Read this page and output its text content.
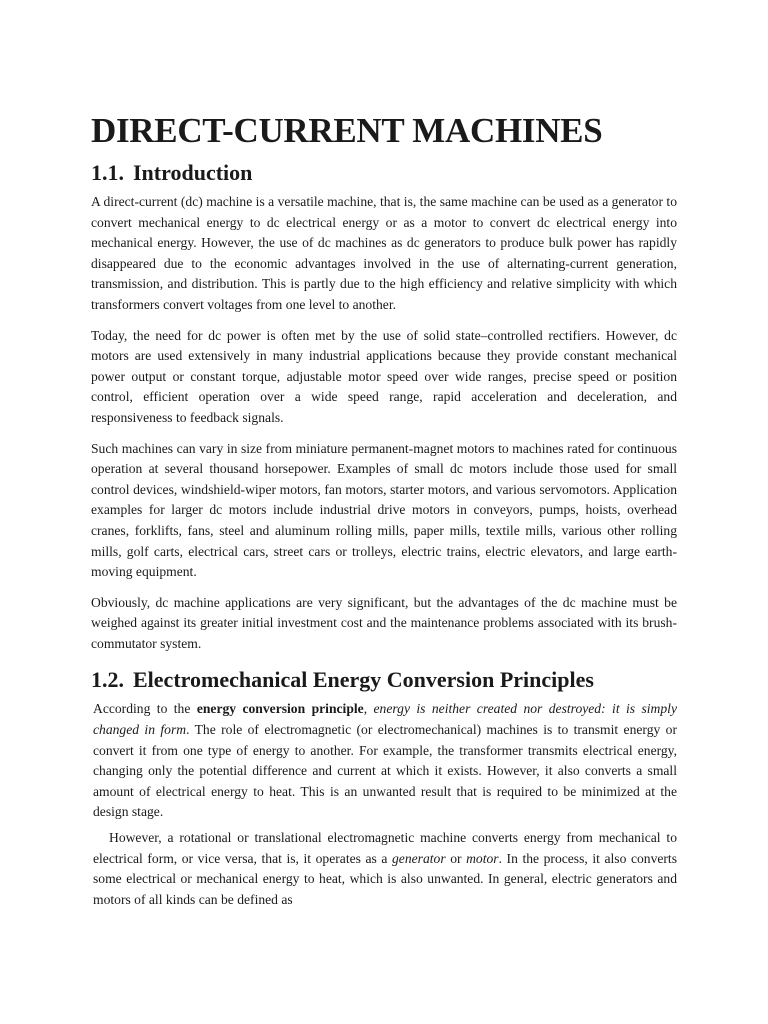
DIRECT-CURRENT MACHINES
1.1. Introduction

A direct-current (dc) machine is a versatile machine, that is, the same machine can be used as a generator to convert mechanical energy to dc electrical energy or as a motor to convert dc electrical energy into mechanical energy. However, the use of dc machines as dc generators to produce bulk power has rapidly disappeared due to the economic advantages involved in the use of alternating-current generation, transmission, and distribution. This is partly due to the high efficiency and relative simplicity with which transformers convert voltages from one level to another.

Today, the need for dc power is often met by the use of solid state–controlled rectifiers. However, dc motors are used extensively in many industrial applications because they provide constant mechanical power output or constant torque, adjustable motor speed over wide ranges, precise speed or position control, efficient operation over a wide speed range, rapid acceleration and deceleration, and responsiveness to feedback signals.

Such machines can vary in size from miniature permanent-magnet motors to machines rated for continuous operation at several thousand horsepower. Examples of small dc motors include those used for small control devices, windshield-wiper motors, fan motors, starter motors, and various servomotors. Application examples for larger dc motors include industrial drive motors in conveyors, pumps, hoists, overhead cranes, forklifts, fans, steel and aluminum rolling mills, paper mills, textile mills, various other rolling mills, golf carts, electrical cars, street cars or trolleys, electric trains, electric elevators, and large earth-moving equipment.

Obviously, dc machine applications are very significant, but the advantages of the dc machine must be weighed against its greater initial investment cost and the maintenance problems associated with its brush-commutator system.

1.2. Electromechanical Energy Conversion Principles

According to the energy conversion principle, energy is neither created nor destroyed: it is simply changed in form. The role of electromagnetic (or electromechanical) machines is to transmit energy or convert it from one type of energy to another. For example, the transformer transmits electrical energy, changing only the potential difference and current at which it exists. However, it also converts a small amount of electrical energy to heat. This is an unwanted result that is required to be minimized at the design stage.

However, a rotational or translational electromagnetic machine converts energy from mechanical to electrical form, or vice versa, that is, it operates as a generator or motor. In the process, it also converts some electrical or mechanical energy to heat, which is also unwanted. In general, electric generators and motors of all kinds can be defined as
